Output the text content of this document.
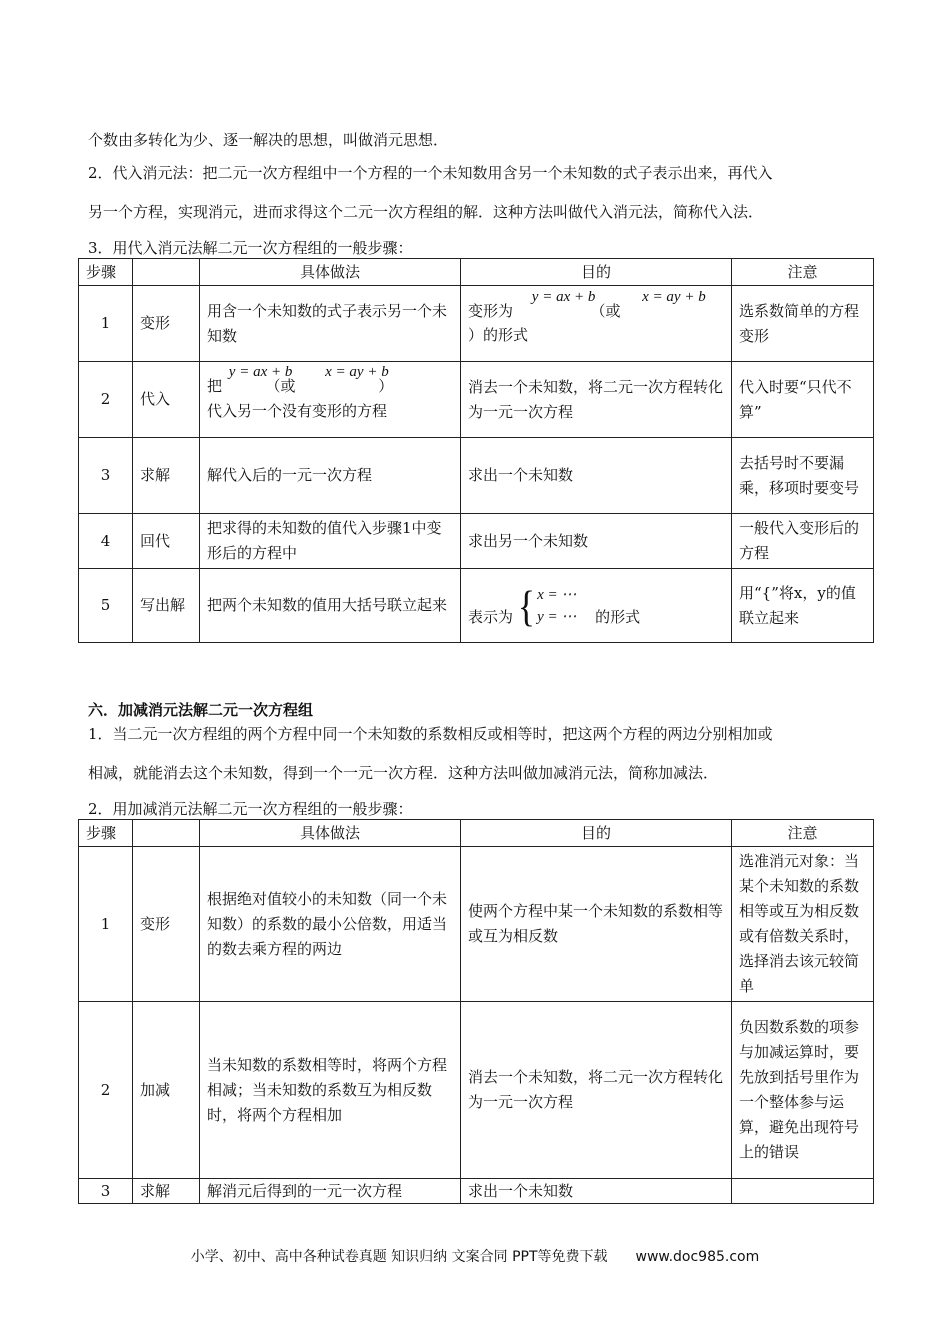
个数由多转化为少、逐一解决的思想，叫做消元思想．
2．代入消元法：把二元一次方程组中一个方程的一个未知数用含另一个未知数的式子表示出来，再代入
另一个方程，实现消元，进而求得这个二元一次方程组的解．这种方法叫做代入消元法，简称代入法．
3．用代入消元法解二元一次方程组的一般步骤：
步骤		具体做法	目的	注意
1	变形	用含一个未知数的式子表示另一个未知数	变形为 y = ax + b x = ay + b （或
）的形式	选系数简单的方程变形
2	代入	把 y = ax + b x = ay + b （或 ）
代入另一个没有变形的方程	消去一个未知数，将二元一次方程转化为一元一次方程	代入时要“只代不算”
3	求解	解代入后的一元一次方程	求出一个未知数	去括号时不要漏乘，移项时要变号
4	回代	把求得的未知数的值代入步骤1中变形后的方程中	求出另一个未知数	一般代入变形后的方程
5	写出解	把两个未知数的值用大括号联立起来	表示为 { x = ⋯
y = ⋯ 的形式	用“{”将x，y的值联立起来
六．加减消元法解二元一次方程组
1．当二元一次方程组的两个方程中同一个未知数的系数相反或相等时，把这两个方程的两边分别相加或
相减，就能消去这个未知数，得到一个一元一次方程．这种方法叫做加减消元法，简称加减法．
2．用加减消元法解二元一次方程组的一般步骤：
步骤		具体做法	目的	注意
1	变形	根据绝对值较小的未知数（同一个未知数）的系数的最小公倍数，用适当的数去乘方程的两边	使两个方程中某一个未知数的系数相等或互为相反数	选准消元对象：当某个未知数的系数相等或互为相反数或有倍数关系时，选择消去该元较简单
2	加减	当未知数的系数相等时，将两个方程相减；当未知数的系数互为相反数时，将两个方程相加	消去一个未知数，将二元一次方程转化为一元一次方程	负因数系数的项参与加减运算时，要先放到括号里作为一个整体参与运算，避免出现符号上的错误
3	求解	解消元后得到的一元一次方程	求出一个未知数	
小学、初中、高中各种试卷真题 知识归纳 文案合同 PPT等免费下载 www.doc985.com
